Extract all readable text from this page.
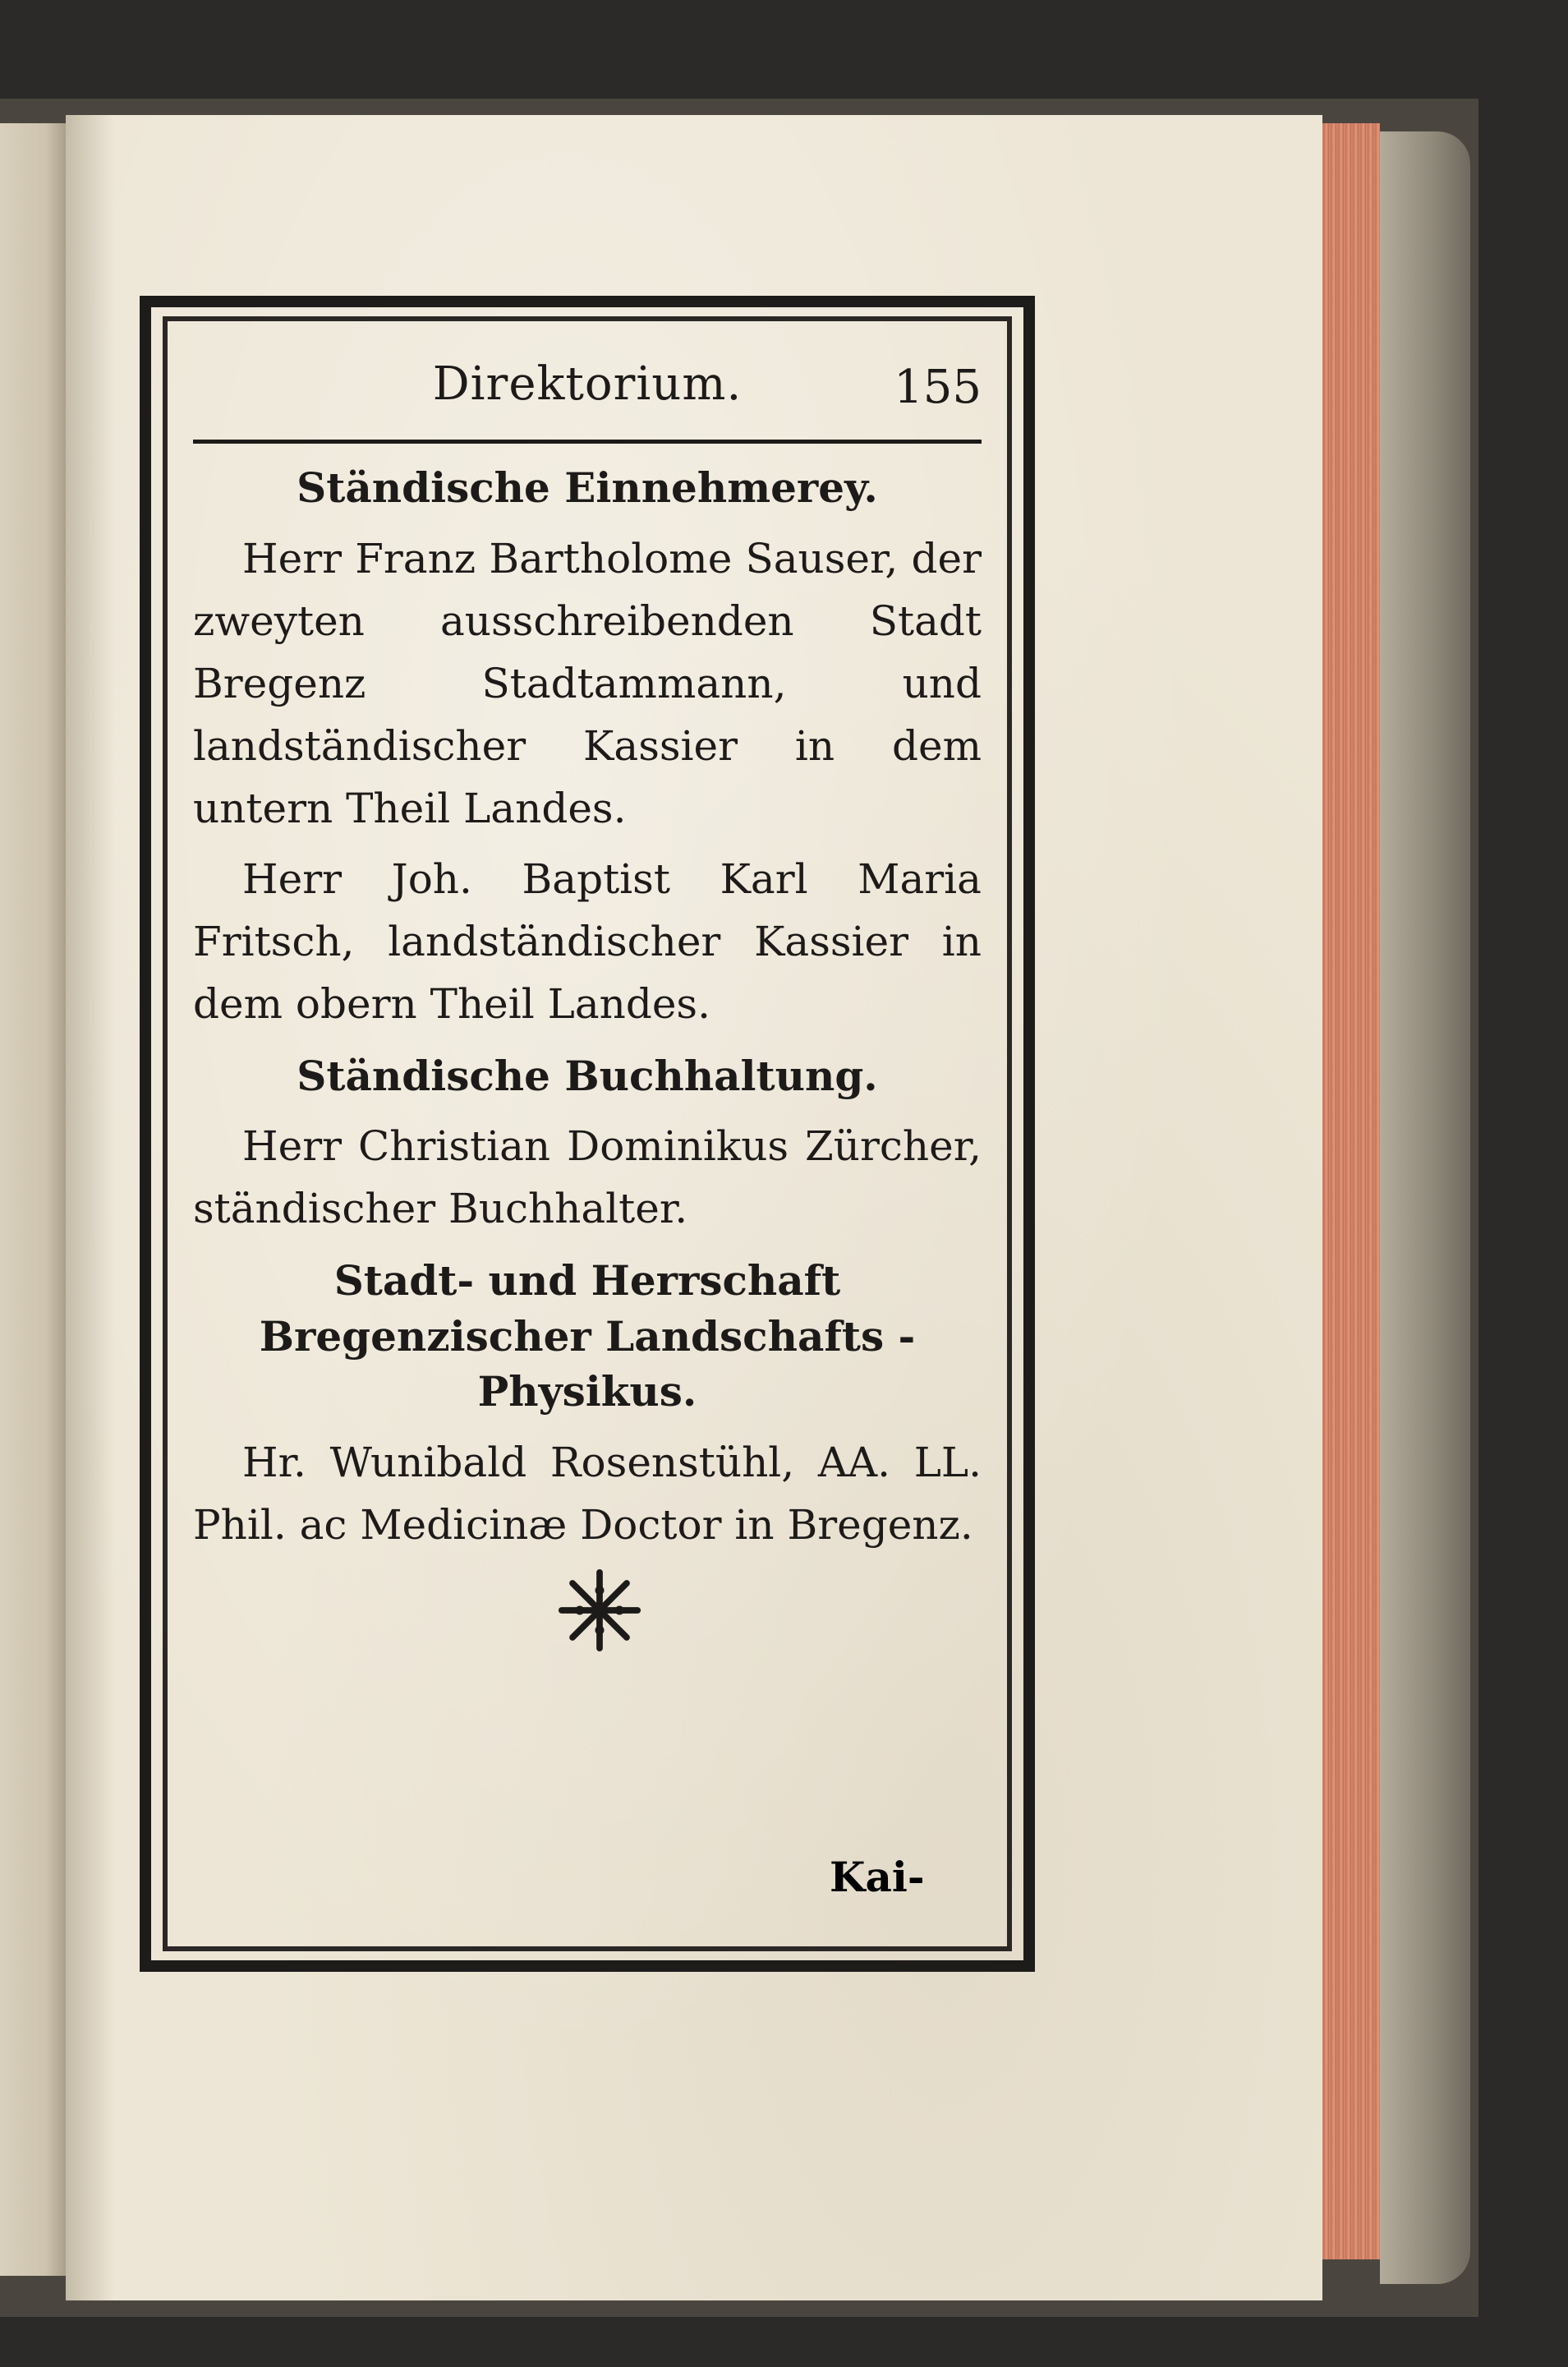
Direktorium.	155
Ständische Einnehmerey.

Herr Franz Bartholome Sauser, der zweyten ausschreibenden Stadt Bregenz Stadtammann, und landständischer Kassier in dem untern Theil Landes.

Herr Joh. Baptist Karl Maria Fritsch, landständischer Kassier in dem obern Theil Landes.

Ständische Buchhaltung.

Herr Christian Dominikus Zürcher, ständischer Buchhalter.

Stadt- und Herrschaft Bregenzischer Landschafts - Physikus.

Hr. Wunibald Rosenstühl, AA. LL. Phil. ac Medicinæ Doctor in Bregenz.

Kai-
